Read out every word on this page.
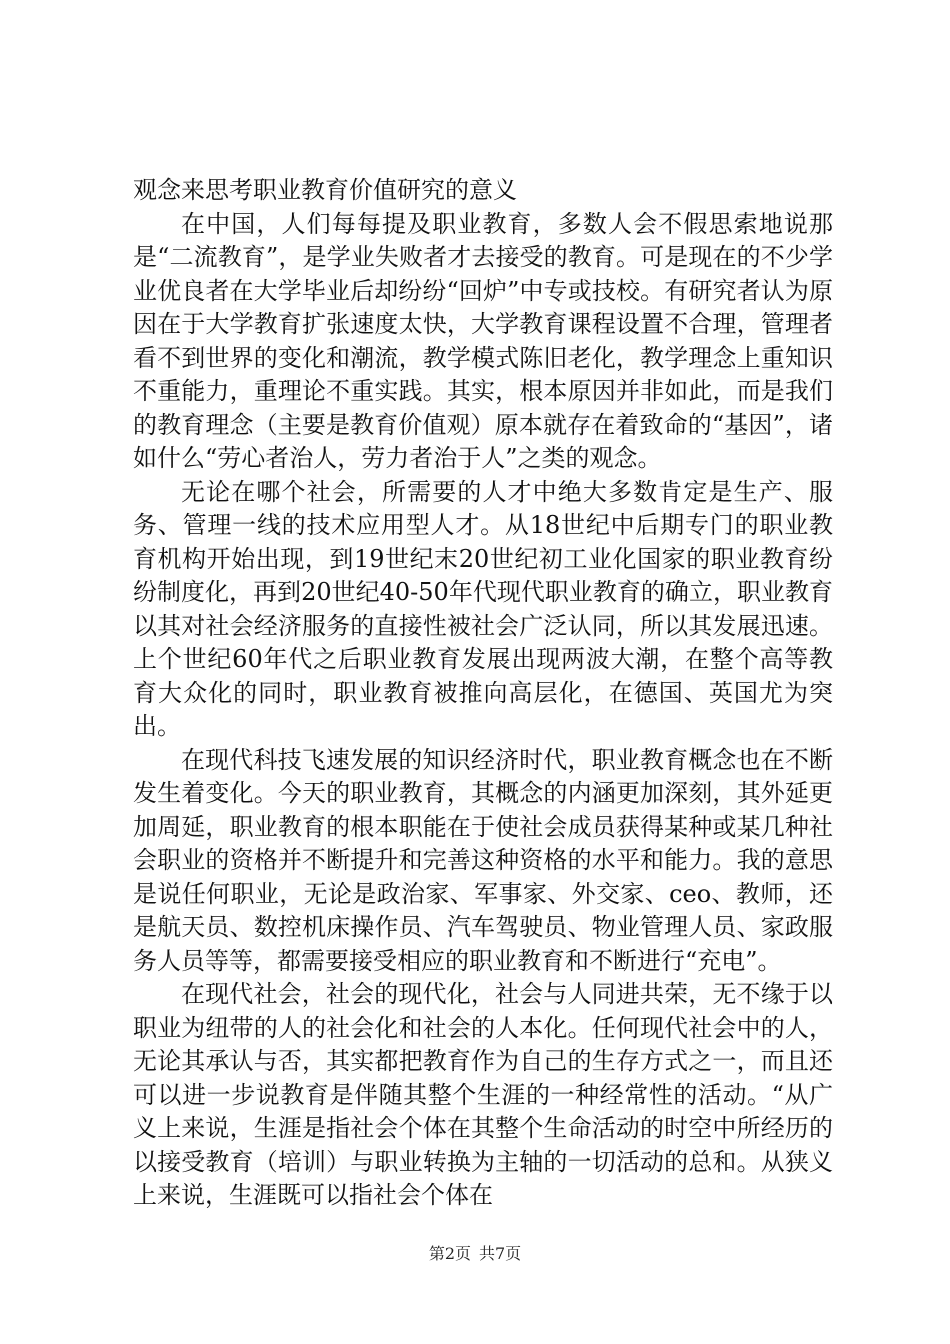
观念来思考职业教育价值研究的意义

在中国，人们每每提及职业教育，多数人会不假思索地说那是“二流教育”，是学业失败者才去接受的教育。可是现在的不少学业优良者在大学毕业后却纷纷“回炉”中专或技校。有研究者认为原因在于大学教育扩张速度太快，大学教育课程设置不合理，管理者看不到世界的变化和潮流，教学模式陈旧老化，教学理念上重知识不重能力，重理论不重实践。其实，根本原因并非如此，而是我们的教育理念（主要是教育价值观）原本就存在着致命的“基因”，诸如什么“劳心者治人，劳力者治于人”之类的观念。

无论在哪个社会，所需要的人才中绝大多数肯定是生产、服务、管理一线的技术应用型人才。从18世纪中后期专门的职业教育机构开始出现，到19世纪末20世纪初工业化国家的职业教育纷纷制度化，再到20世纪40-50年代现代职业教育的确立，职业教育以其对社会经济服务的直接性被社会广泛认同，所以其发展迅速。上个世纪60年代之后职业教育发展出现两波大潮，在整个高等教育大众化的同时，职业教育被推向高层化，在德国、英国尤为突出。

在现代科技飞速发展的知识经济时代，职业教育概念也在不断发生着变化。今天的职业教育，其概念的内涵更加深刻，其外延更加周延，职业教育的根本职能在于使社会成员获得某种或某几种社会职业的资格并不断提升和完善这种资格的水平和能力。我的意思是说任何职业，无论是政治家、军事家、外交家、ceo、教师，还是航天员、数控机床操作员、汽车驾驶员、物业管理人员、家政服务人员等等，都需要接受相应的职业教育和不断进行“充电”。

在现代社会，社会的现代化，社会与人同进共荣，无不缘于以职业为纽带的人的社会化和社会的人本化。任何现代社会中的人，无论其承认与否，其实都把教育作为自己的生存方式之一，而且还可以进一步说教育是伴随其整个生涯的一种经常性的活动。“从广义上来说，生涯是指社会个体在其整个生命活动的时空中所经历的以接受教育（培训）与职业转换为主轴的一切活动的总和。从狭义上来说，生涯既可以指社会个体在

第2页 共7页
